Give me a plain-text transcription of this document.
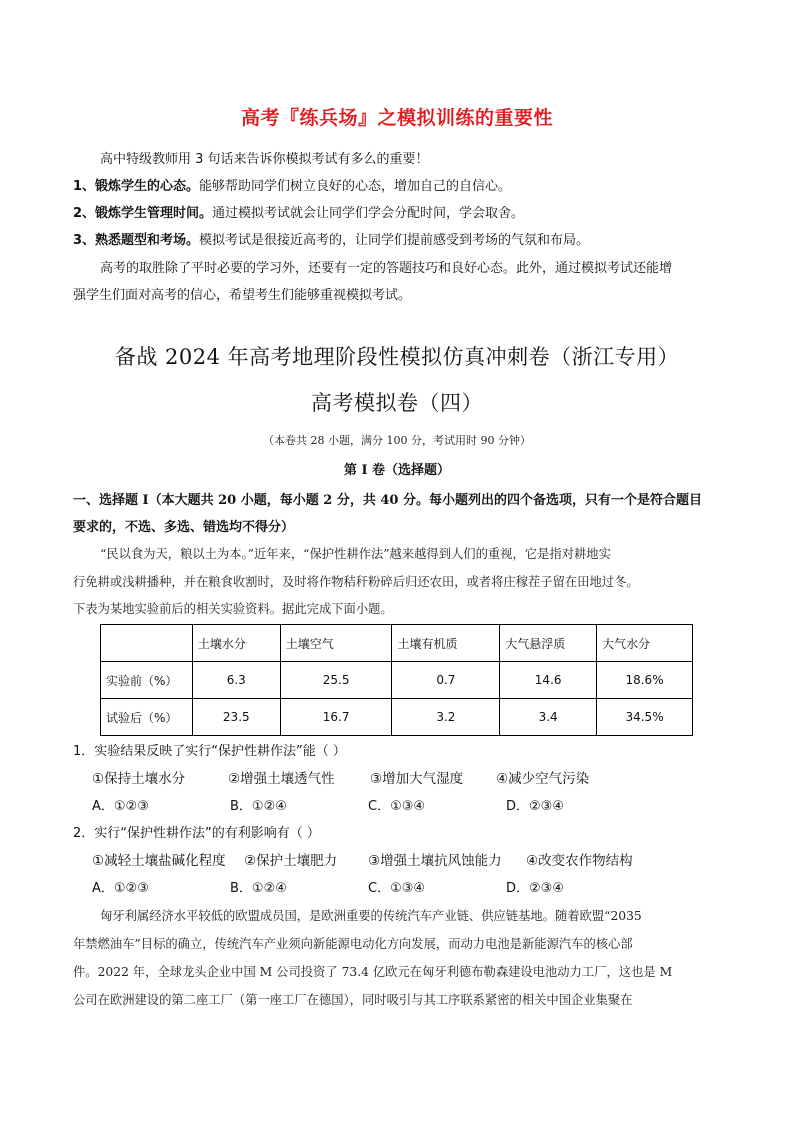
高考『练兵场』之模拟训练的重要性
高中特级教师用 3 句话来告诉你模拟考试有多么的重要！
1、锻炼学生的心态。能够帮助同学们树立良好的心态，增加自己的自信心。
2、锻炼学生管理时间。通过模拟考试就会让同学们学会分配时间，学会取舍。
3、熟悉题型和考场。模拟考试是很接近高考的，让同学们提前感受到考场的气氛和布局。
高考的取胜除了平时必要的学习外，还要有一定的答题技巧和良好心态。此外，通过模拟考试还能增
强学生们面对高考的信心，希望考生们能够重视模拟考试。
备战 2024 年高考地理阶段性模拟仿真冲刺卷（浙江专用）
高考模拟卷（四）
（本卷共 28 小题，满分 100 分，考试用时 90 分钟）
第 I 卷（选择题）
一、选择题 I（本大题共 20 小题，每小题 2 分，共 40 分。每小题列出的四个备选项，只有一个是符合题目
要求的，不选、多选、错选均不得分）
“民以食为天，粮以土为本。”近年来，“保护性耕作法”越来越得到人们的重视，它是指对耕地实
行免耕或浅耕播种，并在粮食收割时，及时将作物秸秆粉碎后归还农田，或者将庄稼茬子留在田地过冬。
下表为某地实验前后的相关实验资料。据此完成下面小题。
	土壤水分	土壤空气	土壤有机质	大气悬浮质	大气水分
实验前（%）	6.3	25.5	0.7	14.6	18.6%
试验后（%）	23.5	16.7	3.2	3.4	34.5%
1．实验结果反映了实行“保护性耕作法”能（ ）
①保持土壤水分	②增强土壤透气性	③增加大气湿度 ④减少空气污染
A．①②③	B．①②④	C．①③④	D．②③④
2．实行“保护性耕作法”的有利影响有（ ）
①减轻土壤盐碱化程度 ②保护土壤肥力 ③增强土壤抗风蚀能力 ④改变农作物结构
A．①②③	B．①②④	C．①③④	D．②③④
匈牙利属经济水平较低的欧盟成员国，是欧洲重要的传统汽车产业链、供应链基地。随着欧盟“2035
年禁燃油车”目标的确立，传统汽车产业须向新能源电动化方向发展，而动力电池是新能源汽车的核心部
件。2022 年，全球龙头企业中国 M 公司投资了 73.4 亿欧元在匈牙利德布勒森建设电池动力工厂，这也是 M
公司在欧洲建设的第二座工厂（第一座工厂在德国），同时吸引与其工序联系紧密的相关中国企业集聚在
